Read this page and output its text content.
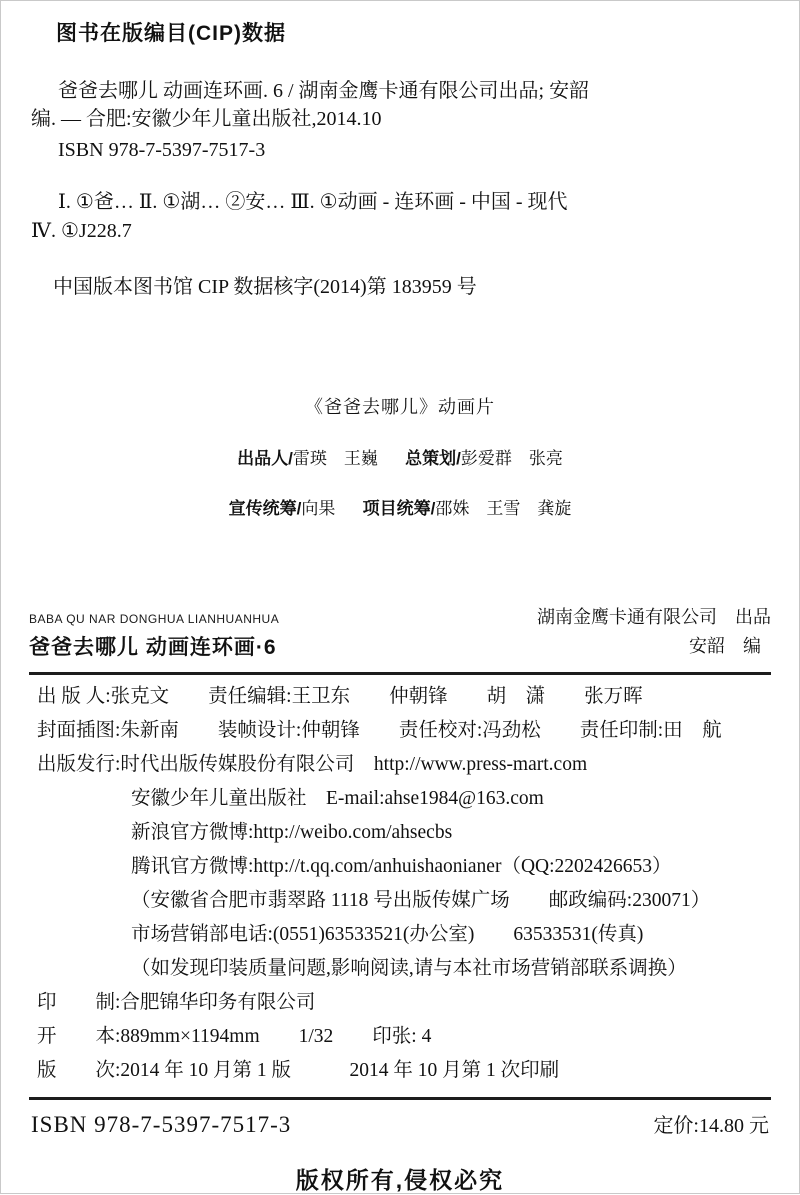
图书在版编目(CIP)数据
爸爸去哪儿 动画连环画. 6 / 湖南金鹰卡通有限公司出品; 安韶
编. — 合肥:安徽少年儿童出版社,2014.10
ISBN 978-7-5397-7517-3
Ⅰ. ①爸… Ⅱ. ①湖… ②安… Ⅲ. ①动画 - 连环画 - 中国 - 现代
Ⅳ. ①J228.7
中国版本图书馆 CIP 数据核字(2014)第 183959 号
《爸爸去哪儿》动画片
出品人/雷瑛　王巍 总策划/彭爱群　张亮
宣传统筹/向果 项目统筹/邵姝　王雪　龚旋
BABA QU NAR DONGHUA LIANHUANHUA
爸爸去哪儿 动画连环画·6
湖南金鹰卡通有限公司　出品
安韶　编
出 版 人:张克文　　责任编辑:王卫东　　仲朝锋　　胡　潇　　张万晖
封面插图:朱新南　　装帧设计:仲朝锋　　责任校对:冯劲松　　责任印制:田　航
出版发行:时代出版传媒股份有限公司　http://www.press-mart.com
安徽少年儿童出版社　E-mail:ahse1984@163.com
新浪官方微博:http://weibo.com/ahsecbs
腾讯官方微博:http://t.qq.com/anhuishaonianer（QQ:2202426653）
（安徽省合肥市翡翠路 1118 号出版传媒广场　　邮政编码:230071）
市场营销部电话:(0551)63533521(办公室)　　63533531(传真)
（如发现印装质量问题,影响阅读,请与本社市场营销部联系调换）
印　　制:合肥锦华印务有限公司
开　　本:889mm×1194mm　　1/32　　印张: 4
版　　次:2014 年 10 月第 1 版　　　2014 年 10 月第 1 次印刷
ISBN 978-7-5397-7517-3	定价:14.80 元
版权所有,侵权必究
